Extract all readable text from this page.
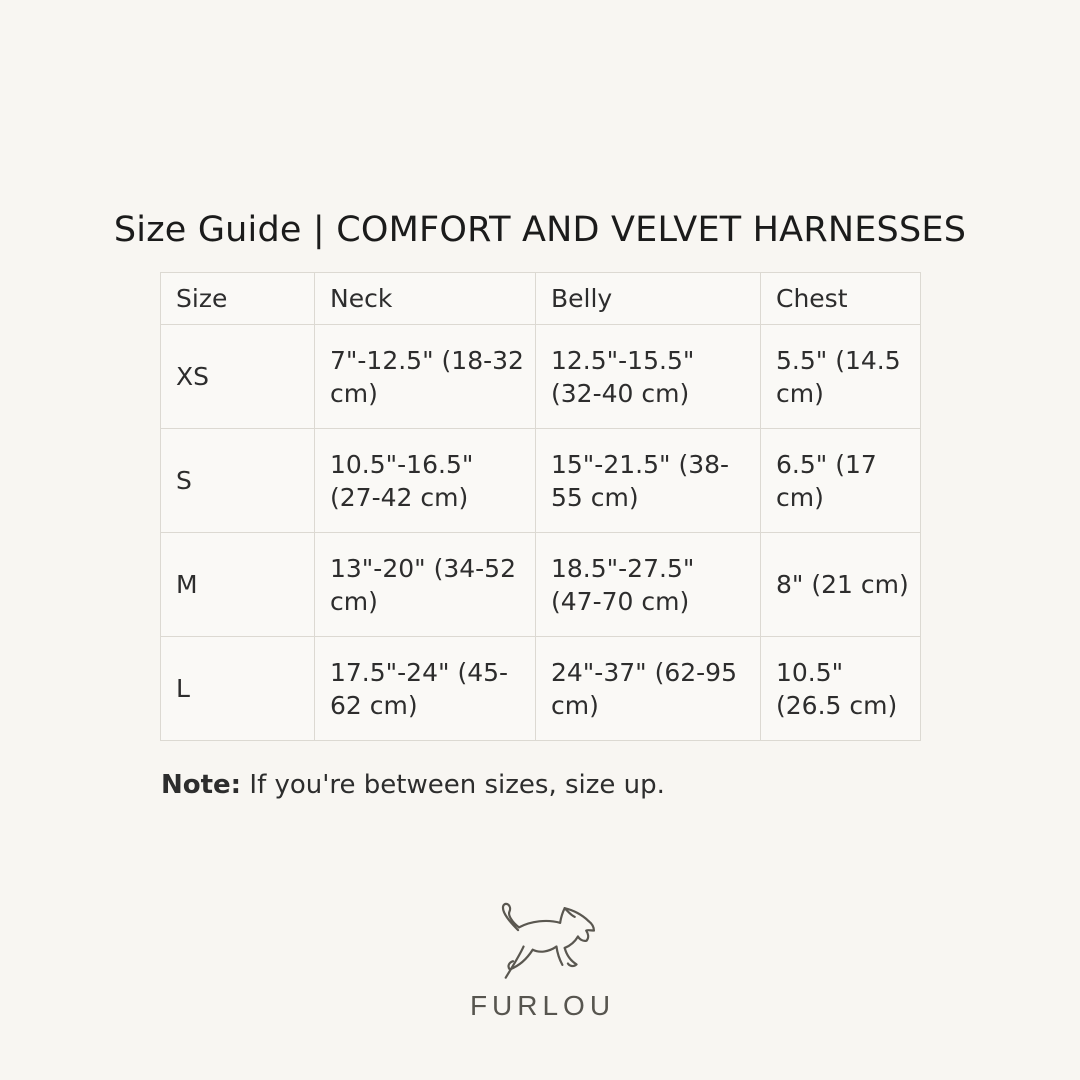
Size Guide | COMFORT AND VELVET HARNESSES
Size	Neck	Belly	Chest
XS	7"-12.5" (18-32 cm)	12.5"-15.5" (32-40 cm)	5.5" (14.5 cm)
S	10.5"-16.5" (27-42 cm)	15"-21.5" (38-55 cm)	6.5" (17 cm)
M	13"-20" (34-52 cm)	18.5"-27.5" (47-70 cm)	8" (21 cm)
L	17.5"-24" (45-62 cm)	24"-37" (62-95 cm)	10.5" (26.5 cm)
Note: If you're between sizes, size up.
FURLOU
